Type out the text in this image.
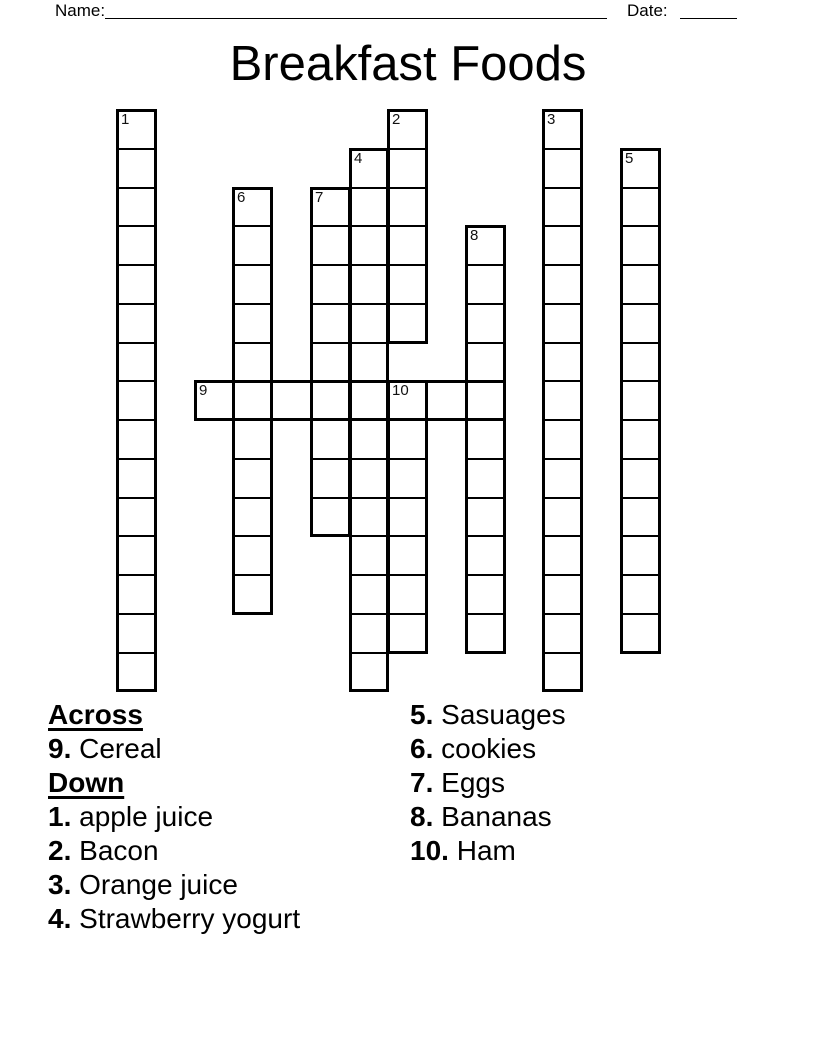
Name:	Date:
Breakfast Foods
1	2	3
4	5
6	7
8
9	10
Across
9. Cereal
Down
1. apple juice
2. Bacon
3. Orange juice
4. Strawberry yogurt
5. Sasuages
6. cookies
7. Eggs
8. Bananas
10. Ham
